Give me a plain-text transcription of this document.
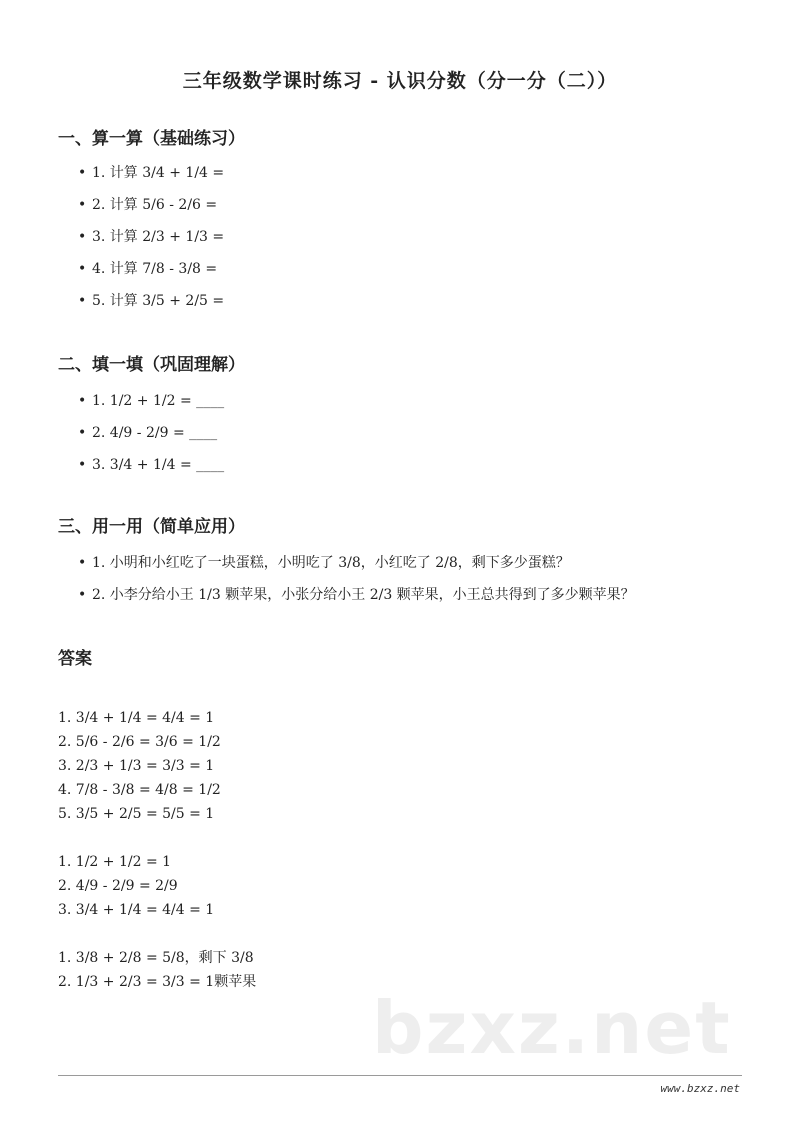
三年级数学课时练习 - 认识分数（分一分（二））
一、算一算（基础练习）
• 1. 计算 3/4 + 1/4 =
• 2. 计算 5/6 - 2/6 =
• 3. 计算 2/3 + 1/3 =
• 4. 计算 7/8 - 3/8 =
• 5. 计算 3/5 + 2/5 =
二、填一填（巩固理解）
• 1. 1/2 + 1/2 = ____
• 2. 4/9 - 2/9 = ____
• 3. 3/4 + 1/4 = ____
三、用一用（简单应用）
• 1. 小明和小红吃了一块蛋糕，小明吃了 3/8，小红吃了 2/8，剩下多少蛋糕？
• 2. 小李分给小王 1/3 颗苹果，小张分给小王 2/3 颗苹果，小王总共得到了多少颗苹果？
答案
1. 3/4 + 1/4 = 4/4 = 1
2. 5/6 - 2/6 = 3/6 = 1/2
3. 2/3 + 1/3 = 3/3 = 1
4. 7/8 - 3/8 = 4/8 = 1/2
5. 3/5 + 2/5 = 5/5 = 1
1. 1/2 + 1/2 = 1
2. 4/9 - 2/9 = 2/9
3. 3/4 + 1/4 = 4/4 = 1
1. 3/8 + 2/8 = 5/8，剩下 3/8
2. 1/3 + 2/3 = 3/3 = 1颗苹果
bzxz.net
www.bzxz.net
